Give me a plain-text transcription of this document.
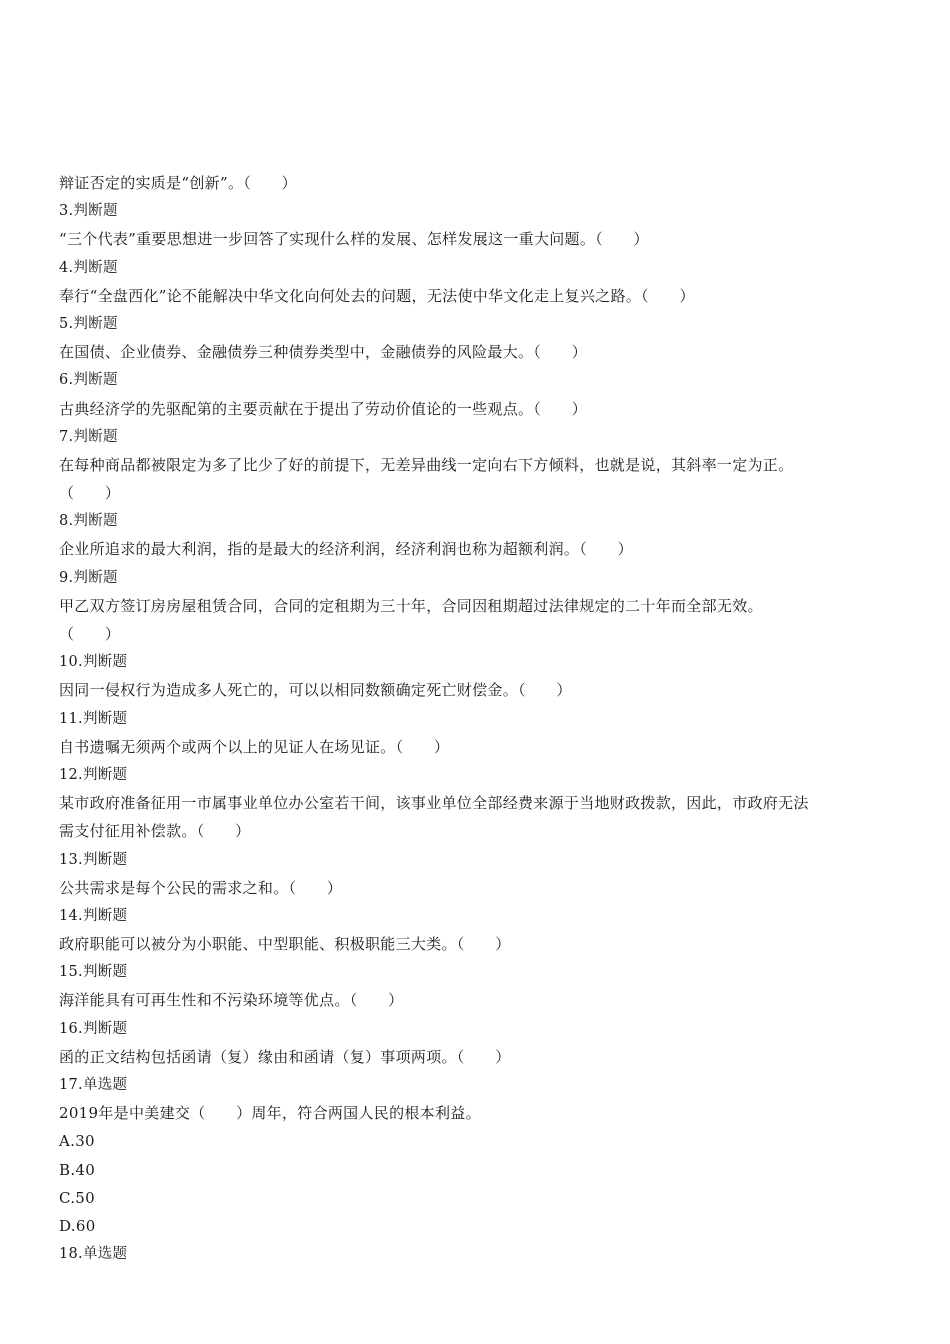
辩证否定的实质是“创新”。（　　）
3.判断题
“三个代表”重要思想进一步回答了实现什么样的发展、怎样发展这一重大问题。（　　）
4.判断题
奉行“全盘西化”论不能解决中华文化向何处去的问题，无法使中华文化走上复兴之路。（　　）
5.判断题
在国债、企业债券、金融债券三种债券类型中，金融债券的风险最大。（　　）
6.判断题
古典经济学的先驱配第的主要贡献在于提出了劳动价值论的一些观点。（　　）
7.判断题
在每种商品都被限定为多了比少了好的前提下，无差异曲线一定向右下方倾料，也就是说，其斜率一定为正。
（　　）
8.判断题
企业所追求的最大利润，指的是最大的经济利润，经济利润也称为超额利润。（　　）
9.判断题
甲乙双方签订房房屋租赁合同，合同的定租期为三十年，合同因租期超过法律规定的二十年而全部无效。
（　　）
10.判断题
因同一侵权行为造成多人死亡的，可以以相同数额确定死亡财偿金。（　　）
11.判断题
自书遗嘱无须两个或两个以上的见证人在场见证。（　　）
12.判断题
某市政府准备征用一市属事业单位办公室若干间，该事业单位全部经费来源于当地财政拨款，因此，市政府无法
需支付征用补偿款。（　　）
13.判断题
公共需求是每个公民的需求之和。（　　）
14.判断题
政府职能可以被分为小职能、中型职能、积极职能三大类。（　　）
15.判断题
海洋能具有可再生性和不污染环境等优点。（　　）
16.判断题
函的正文结构包括函请（复）缘由和函请（复）事项两项。（　　）
17.单选题
2019年是中美建交（　　）周年，符合两国人民的根本利益。
A.30
B.40
C.50
D.60
18.单选题
